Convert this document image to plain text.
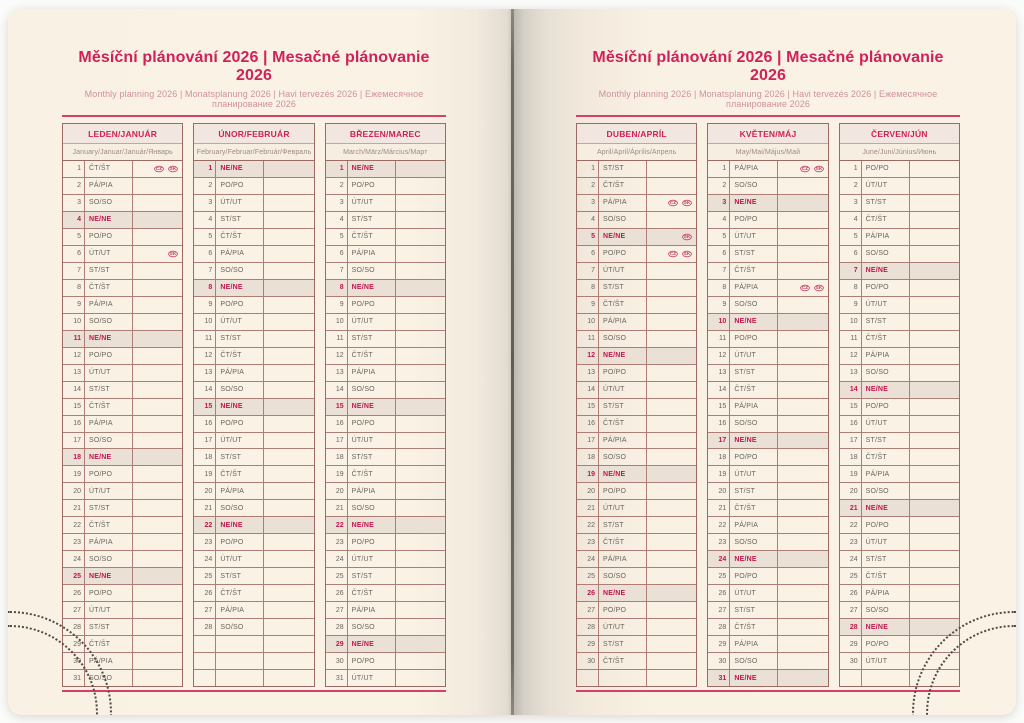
Měsíční plánování 2026 | Mesačné plánovanie 2026
Monthly planning 2026 | Monatsplanung 2026 | Havi tervezés 2026 | Ежемесячное планирование 2026
LEDEN/JANUÁR
January/Januar/Január/Январь
1	ČT/ŠT	CZ SK
2	PÁ/PIA
3	SO/SO
4	NE/NE
5	PO/PO
6	ÚT/UT	SK
7	ST/ST
8	ČT/ŠT
9	PÁ/PIA
10	SO/SO
11	NE/NE
12	PO/PO
13	ÚT/UT
14	ST/ST
15	ČT/ŠT
16	PÁ/PIA
17	SO/SO
18	NE/NE
19	PO/PO
20	ÚT/UT
21	ST/ST
22	ČT/ŠT
23	PÁ/PIA
24	SO/SO
25	NE/NE
26	PO/PO
27	ÚT/UT
28	ST/ST
29	ČT/ŠT
30	PÁ/PIA
31	SO/SO
ÚNOR/FEBRUÁR
February/Februar/Február/Февраль
1	NE/NE
2	PO/PO
3	ÚT/UT
4	ST/ST
5	ČT/ŠT
6	PÁ/PIA
7	SO/SO
8	NE/NE
9	PO/PO
10	ÚT/UT
11	ST/ST
12	ČT/ŠT
13	PÁ/PIA
14	SO/SO
15	NE/NE
16	PO/PO
17	ÚT/UT
18	ST/ST
19	ČT/ŠT
20	PÁ/PIA
21	SO/SO
22	NE/NE
23	PO/PO
24	ÚT/UT
25	ST/ST
26	ČT/ŠT
27	PÁ/PIA
28	SO/SO
BŘEZEN/MAREC
March/März/Március/Март
1	NE/NE
2	PO/PO
3	ÚT/UT
4	ST/ST
5	ČT/ŠT
6	PÁ/PIA
7	SO/SO
8	NE/NE
9	PO/PO
10	ÚT/UT
11	ST/ST
12	ČT/ŠT
13	PÁ/PIA
14	SO/SO
15	NE/NE
16	PO/PO
17	ÚT/UT
18	ST/ST
19	ČT/ŠT
20	PÁ/PIA
21	SO/SO
22	NE/NE
23	PO/PO
24	ÚT/UT
25	ST/ST
26	ČT/ŠT
27	PÁ/PIA
28	SO/SO
29	NE/NE
30	PO/PO
31	ÚT/UT
Měsíční plánování 2026 | Mesačné plánovanie 2026
Monthly planning 2026 | Monatsplanung 2026 | Havi tervezés 2026 | Ежемесячное планирование 2026
DUBEN/APRÍL
April/April/Április/Апрель
1	ST/ST
2	ČT/ŠT
3	PÁ/PIA	CZ SK
4	SO/SO
5	NE/NE	SK
6	PO/PO	CZ SK
7	ÚT/UT
8	ST/ST
9	ČT/ŠT
10	PÁ/PIA
11	SO/SO
12	NE/NE
13	PO/PO
14	ÚT/UT
15	ST/ST
16	ČT/ŠT
17	PÁ/PIA
18	SO/SO
19	NE/NE
20	PO/PO
21	ÚT/UT
22	ST/ST
23	ČT/ŠT
24	PÁ/PIA
25	SO/SO
26	NE/NE
27	PO/PO
28	ÚT/UT
29	ST/ST
30	ČT/ŠT
KVĚTEN/MÁJ
May/Mai/Május/Май
1	PÁ/PIA	CZ SK
2	SO/SO
3	NE/NE
4	PO/PO
5	ÚT/UT
6	ST/ST
7	ČT/ŠT
8	PÁ/PIA	CZ SK
9	SO/SO
10	NE/NE
11	PO/PO
12	ÚT/UT
13	ST/ST
14	ČT/ŠT
15	PÁ/PIA
16	SO/SO
17	NE/NE
18	PO/PO
19	ÚT/UT
20	ST/ST
21	ČT/ŠT
22	PÁ/PIA
23	SO/SO
24	NE/NE
25	PO/PO
26	ÚT/UT
27	ST/ST
28	ČT/ŠT
29	PÁ/PIA
30	SO/SO
31	NE/NE
ČERVEN/JÚN
June/Juni/Június/Июнь
1	PO/PO
2	ÚT/UT
3	ST/ST
4	ČT/ŠT
5	PÁ/PIA
6	SO/SO
7	NE/NE
8	PO/PO
9	ÚT/UT
10	ST/ST
11	ČT/ŠT
12	PÁ/PIA
13	SO/SO
14	NE/NE
15	PO/PO
16	ÚT/UT
17	ST/ST
18	ČT/ŠT
19	PÁ/PIA
20	SO/SO
21	NE/NE
22	PO/PO
23	ÚT/UT
24	ST/ST
25	ČT/ŠT
26	PÁ/PIA
27	SO/SO
28	NE/NE
29	PO/PO
30	ÚT/UT
